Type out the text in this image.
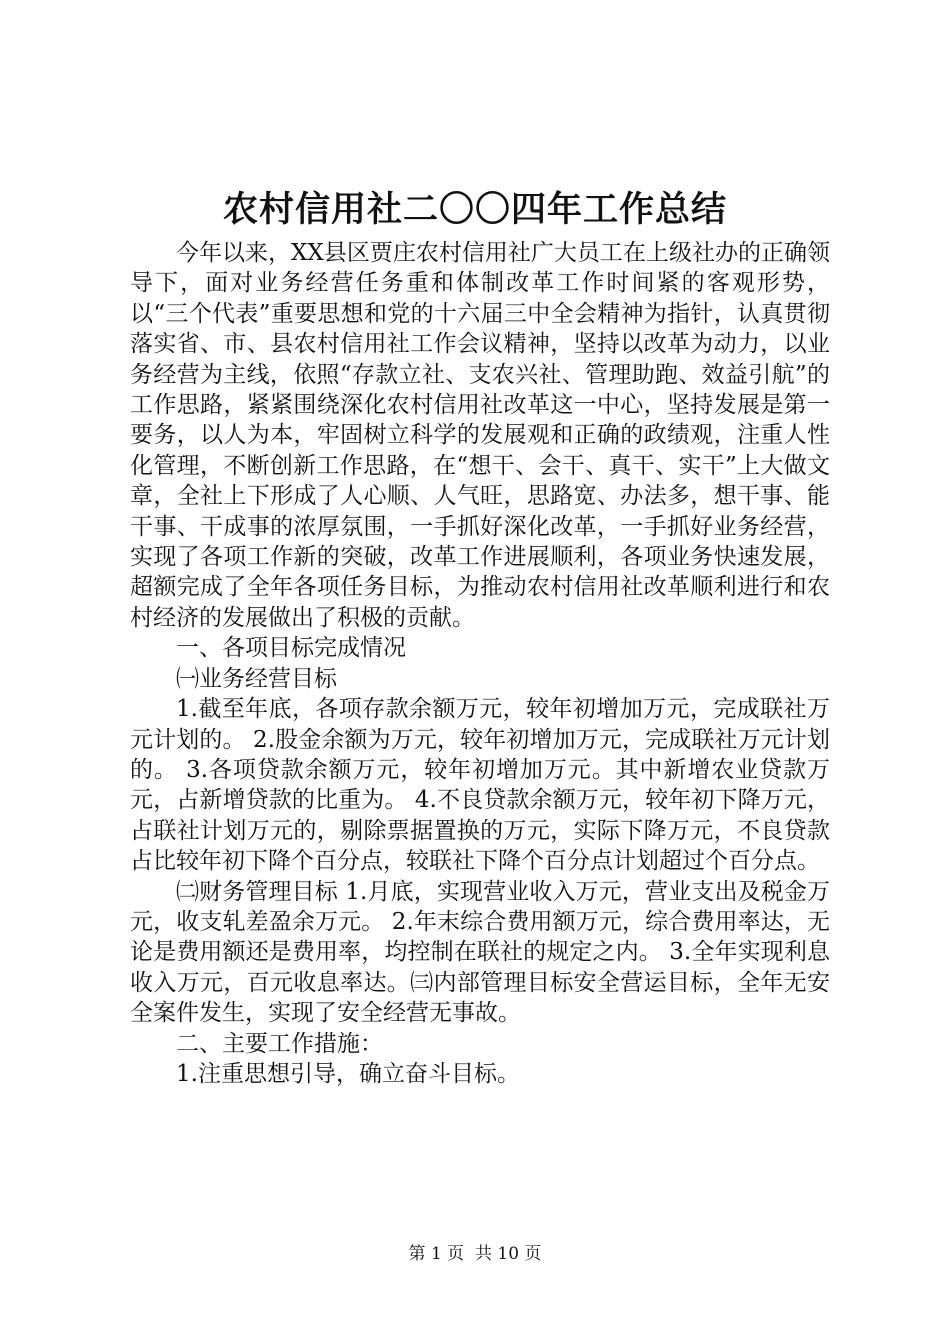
农村信用社二〇〇四年工作总结

今年以来，XX县区贾庄农村信用社广大员工在上级社办的正确领导下，面对业务经营任务重和体制改革工作时间紧的客观形势，以“三个代表”重要思想和党的十六届三中全会精神为指针，认真贯彻落实省、市、县农村信用社工作会议精神，坚持以改革为动力，以业务经营为主线，依照“存款立社、支农兴社、管理助跑、效益引航”的工作思路，紧紧围绕深化农村信用社改革这一中心，坚持发展是第一要务，以人为本，牢固树立科学的发展观和正确的政绩观，注重人性化管理，不断创新工作思路，在“想干、会干、真干、实干”上大做文章，全社上下形成了人心顺、人气旺，思路宽、办法多，想干事、能干事、干成事的浓厚氛围，一手抓好深化改革，一手抓好业务经营，实现了各项工作新的突破，改革工作进展顺利，各项业务快速发展，超额完成了全年各项任务目标，为推动农村信用社改革顺利进行和农村经济的发展做出了积极的贡献。

一、各项目标完成情况

㈠业务经营目标

1.截至年底，各项存款余额万元，较年初增加万元，完成联社万元计划的。 2.股金余额为万元，较年初增加万元，完成联社万元计划的。 3.各项贷款余额万元，较年初增加万元。其中新增农业贷款万元，占新增贷款的比重为。 4.不良贷款余额万元，较年初下降万元，占联社计划万元的，剔除票据置换的万元，实际下降万元，不良贷款占比较年初下降个百分点，较联社下降个百分点计划超过个百分点。

㈡财务管理目标 1.月底，实现营业收入万元，营业支出及税金万元，收支轧差盈余万元。 2.年末综合费用额万元，综合费用率达，无论是费用额还是费用率，均控制在联社的规定之内。 3.全年实现利息收入万元，百元收息率达。㈢内部管理目标安全营运目标，全年无安全案件发生，实现了安全经营无事故。

二、主要工作措施：

1.注重思想引导，确立奋斗目标。

第 1 页 共 10 页
